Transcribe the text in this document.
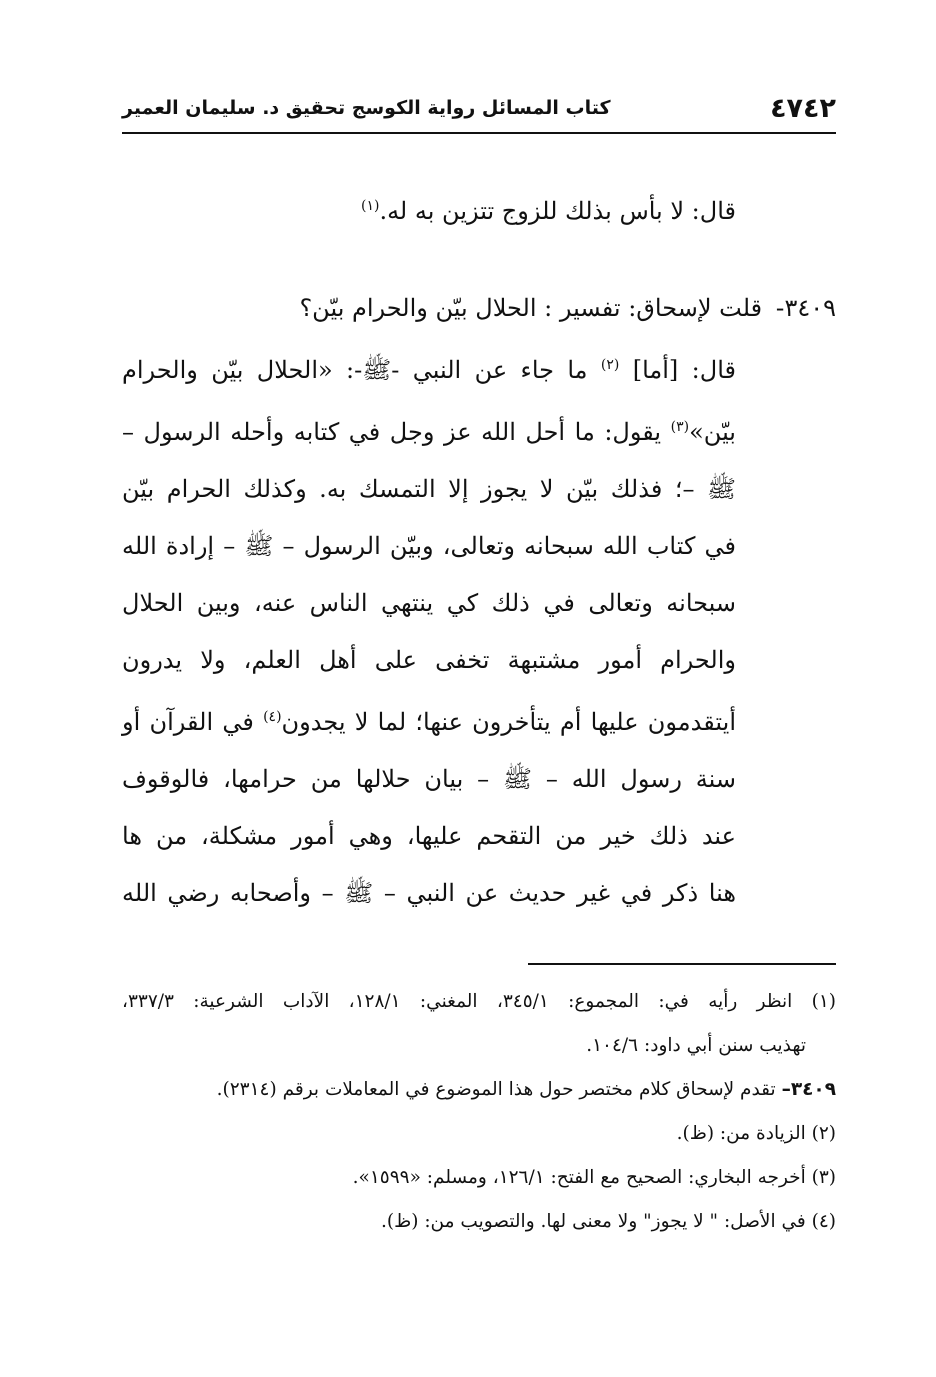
٤٧٤٢
كتاب المسائل رواية الكوسج تحقيق د. سليمان العمير
قال: لا بأس بذلك للزوج تتزين به له.$^{(١)}$
٣٤٠٩- قلت لإسحاق: تفسير : الحلال بيّن والحرام بيّن؟
قال: [أما] $^{(٢)}$ ما جاء عن النبي -ﷺ-: «الحلال بيّن والحرام
بيّن»$^{(٣)}$ يقول: ما أحل الله عز وجل في كتابه وأحله الرسول –
ﷺ –؛ فذلك بيّن لا يجوز إلا التمسك به. وكذلك الحرام بيّن
في كتاب الله سبحانه وتعالى، وبيّن الرسول – ﷺ – إرادة الله
سبحانه وتعالى في ذلك كي ينتهي الناس عنه، وبين الحلال
والحرام أمور مشتبهة تخفى على أهل العلم، ولا يدرون
أيتقدمون عليها أم يتأخرون عنها؛ لما لا يجدون$^{(٤)}$ في القرآن أو
سنة رسول الله – ﷺ – بيان حلالها من حرامها، فالوقوف
عند ذلك خير من التقحم عليها، وهي أمور مشكلة، من ها
هنا ذكر في غير حديث عن النبي – ﷺ – وأصحابه رضي الله
(١) انظر رأيه في: المجموع: ٣٤٥/١، المغني: ١٢٨/١، الآداب الشرعية: ٣٣٧/٣،
تهذيب سنن أبي داود: ١٠٤/٦.
٣٤٠٩– تقدم لإسحاق كلام مختصر حول هذا الموضوع في المعاملات برقم (٢٣١٤).
(٢) الزيادة من: (ظ).
(٣) أخرجه البخاري: الصحيح مع الفتح: ١٢٦/١، ومسلم: «١٥٩٩».
(٤) في الأصل: " لا يجوز" ولا معنى لها. والتصويب من: (ظ).
